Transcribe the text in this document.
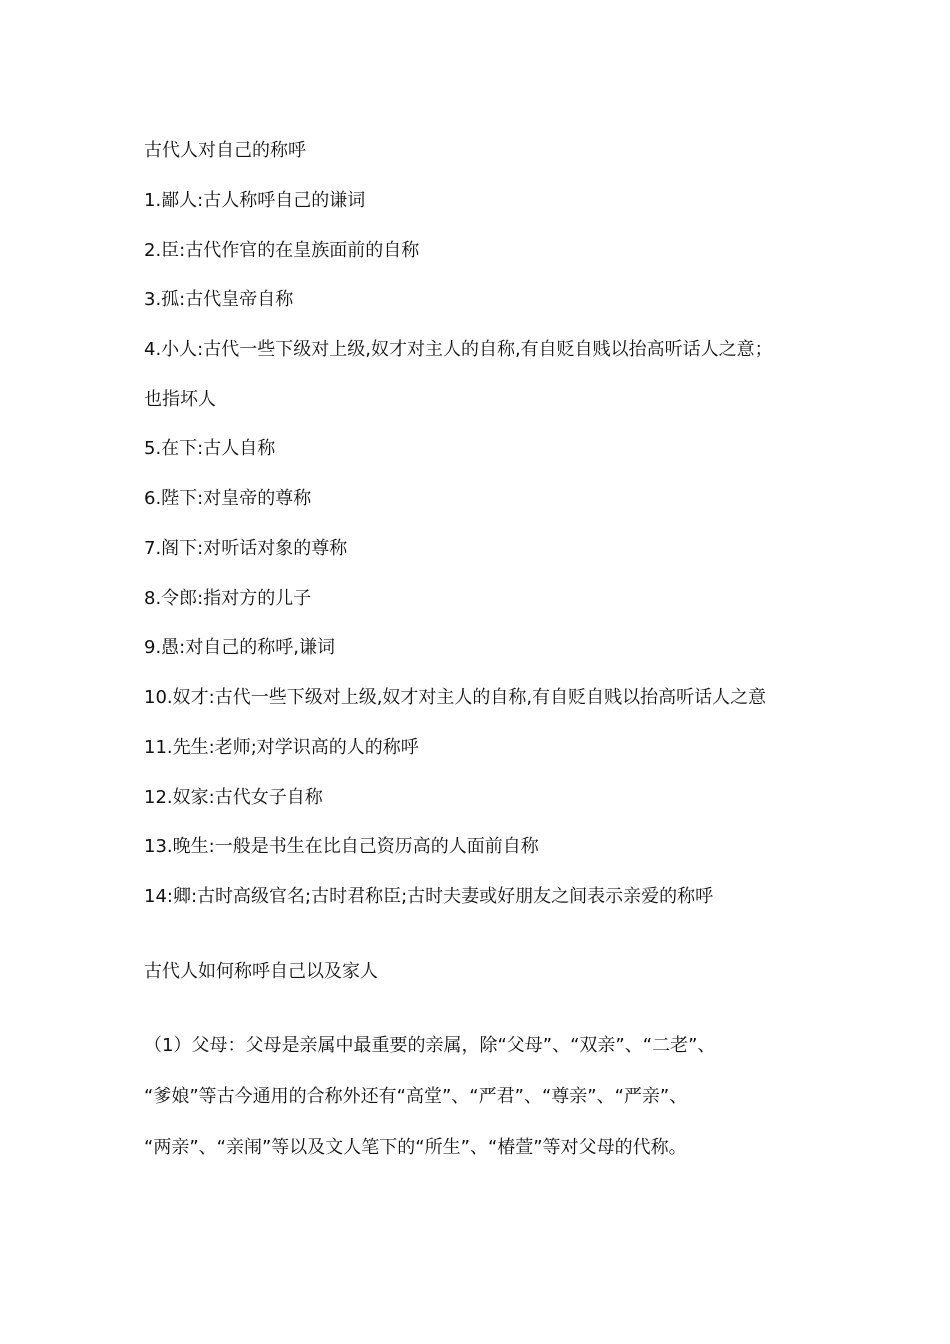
古代人对自己的称呼
1.鄙人:古人称呼自己的谦词
2.臣:古代作官的在皇族面前的自称
3.孤:古代皇帝自称
4.小人:古代一些下级对上级,奴才对主人的自称,有自贬自贱以抬高听话人之意；
也指坏人
5.在下:古人自称
6.陛下:对皇帝的尊称
7.阁下:对听话对象的尊称
8.令郎:指对方的儿子
9.愚:对自己的称呼,谦词
10.奴才:古代一些下级对上级,奴才对主人的自称,有自贬自贱以抬高听话人之意
11.先生:老师;对学识高的人的称呼
12.奴家:古代女子自称
13.晚生:一般是书生在比自己资历高的人面前自称
14:卿:古时高级官名;古时君称臣;古时夫妻或好朋友之间表示亲爱的称呼
古代人如何称呼自己以及家人
（1）父母：父母是亲属中最重要的亲属，除“父母”、“双亲”、“二老”、
“爹娘”等古今通用的合称外还有“高堂”、“严君”、“尊亲”、“严亲”、
“两亲”、“亲闱”等以及文人笔下的“所生”、“椿萱”等对父母的代称。
